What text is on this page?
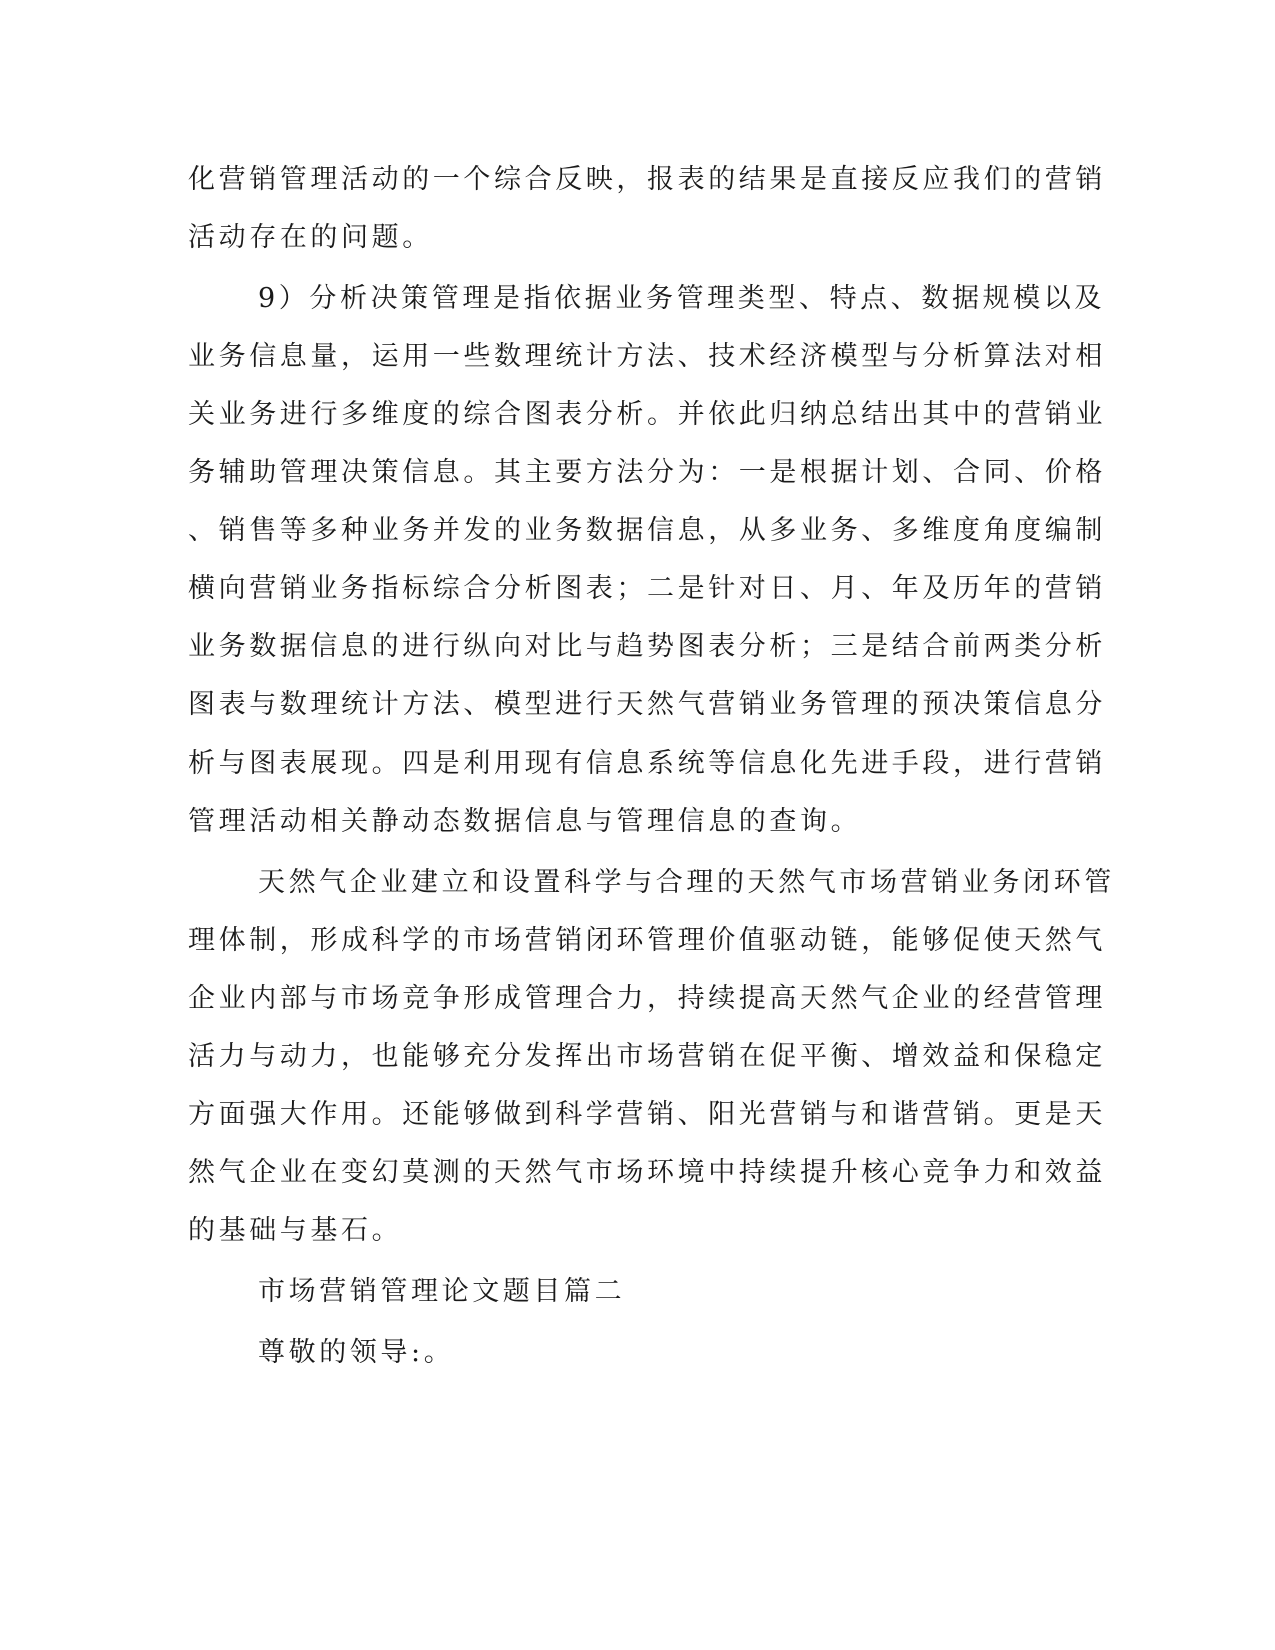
化营销管理活动的一个综合反映，报表的结果是直接反应我们的营销
活动存在的问题。
9）分析决策管理是指依据业务管理类型、特点、数据规模以及
业务信息量，运用一些数理统计方法、技术经济模型与分析算法对相
关业务进行多维度的综合图表分析。并依此归纳总结出其中的营销业
务辅助管理决策信息。其主要方法分为：一是根据计划、合同、价格
、销售等多种业务并发的业务数据信息，从多业务、多维度角度编制
横向营销业务指标综合分析图表；二是针对日、月、年及历年的营销
业务数据信息的进行纵向对比与趋势图表分析；三是结合前两类分析
图表与数理统计方法、模型进行天然气营销业务管理的预决策信息分
析与图表展现。四是利用现有信息系统等信息化先进手段，进行营销
管理活动相关静动态数据信息与管理信息的查询。
天然气企业建立和设置科学与合理的天然气市场营销业务闭环管
理体制，形成科学的市场营销闭环管理价值驱动链，能够促使天然气
企业内部与市场竞争形成管理合力，持续提高天然气企业的经营管理
活力与动力，也能够充分发挥出市场营销在促平衡、增效益和保稳定
方面强大作用。还能够做到科学营销、阳光营销与和谐营销。更是天
然气企业在变幻莫测的天然气市场环境中持续提升核心竞争力和效益
的基础与基石。
市场营销管理论文题目篇二
尊敬的领导:。
